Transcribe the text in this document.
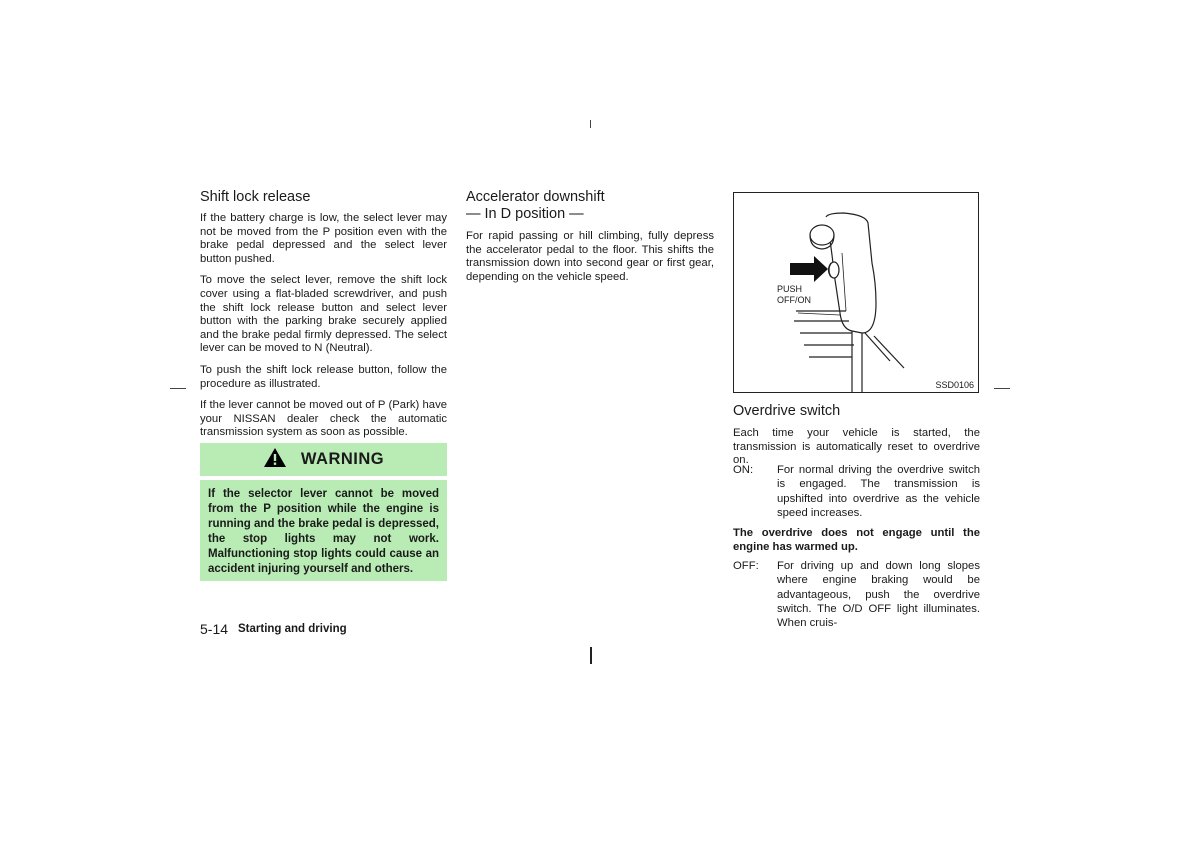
Shift lock release

If the battery charge is low, the select lever may not be moved from the P position even with the brake pedal depressed and the select lever button pushed.

To move the select lever, remove the shift lock cover using a flat-bladed screwdriver, and push the shift lock release button and select lever button with the parking brake securely applied and the brake pedal firmly depressed. The select lever can be moved to N (Neutral).

To push the shift lock release button, follow the procedure as illustrated.

If the lever cannot be moved out of P (Park) have your NISSAN dealer check the automatic transmission system as soon as possible.

WARNING

If the selector lever cannot be moved from the P position while the engine is running and the brake pedal is depressed, the stop lights may not work. Malfunctioning stop lights could cause an accident injuring yourself and others.

Accelerator downshift
— In D position —

For rapid passing or hill climbing, fully depress the accelerator pedal to the floor. This shifts the transmission down into second gear or first gear, depending on the vehicle speed.

PUSH
OFF/ON
SSD0106
Overdrive switch

Each time your vehicle is started, the transmission is automatically reset to overdrive on.

ON: For normal driving the overdrive switch is engaged. The transmission is upshifted into overdrive as the vehicle speed increases.
The overdrive does not engage until the engine has warmed up.
OFF: For driving up and down long slopes where engine braking would be advantageous, push the overdrive switch. The O/D OFF light illuminates. When cruis-
5-14 Starting and driving
